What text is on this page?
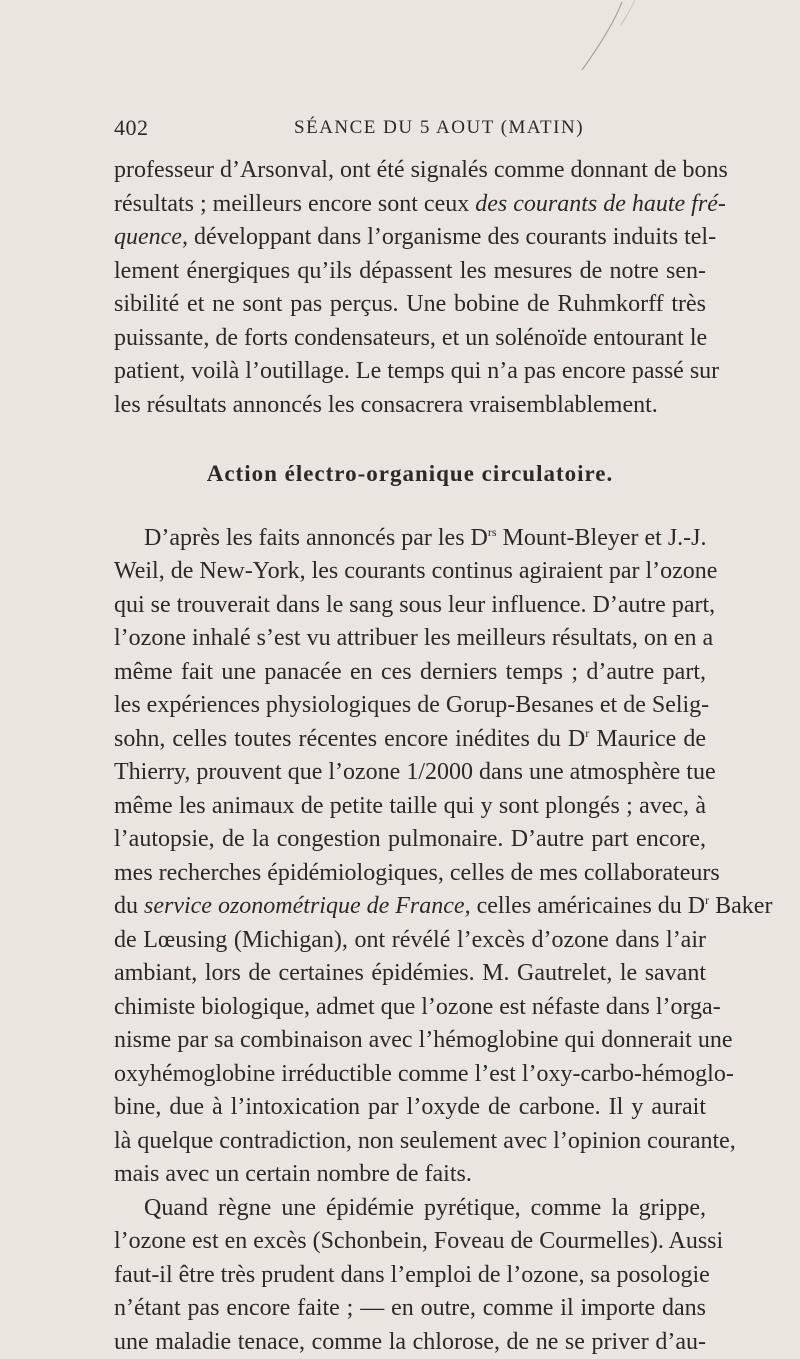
402	SÉANCE DU 5 AOUT (MATIN)
professeur d’Arsonval, ont été signalés comme donnant de bons
résultats ; meilleurs encore sont ceux des courants de haute fré-
quence, développant dans l’organisme des courants induits tel-
lement énergiques qu’ils dépassent les mesures de notre sen-
sibilité et ne sont pas perçus. Une bobine de Ruhmkorff très
puissante, de forts condensateurs, et un solénoïde entourant le
patient, voilà l’outillage. Le temps qui n’a pas encore passé sur
les résultats annoncés les consacrera vraisemblablement.
Action électro-organique circulatoire.
D’après les faits annoncés par les $D^{rs}$ Mount-Bleyer et J.-J.
Weil, de New-York, les courants continus agiraient par l’ozone
qui se trouverait dans le sang sous leur influence. D’autre part,
l’ozone inhalé s’est vu attribuer les meilleurs résultats, on en a
même fait une panacée en ces derniers temps ; d’autre part,
les expériences physiologiques de Gorup-Besanes et de Selig-
sohn, celles toutes récentes encore inédites du $D^r$ Maurice de
Thierry, prouvent que l’ozone 1/2000 dans une atmosphère tue
même les animaux de petite taille qui y sont plongés ; avec, à
l’autopsie, de la congestion pulmonaire. D’autre part encore,
mes recherches épidémiologiques, celles de mes collaborateurs
du service ozonométrique de France, celles américaines du $D^r$ Baker
de Lœusing (Michigan), ont révélé l’excès d’ozone dans l’air
ambiant, lors de certaines épidémies. M. Gautrelet, le savant
chimiste biologique, admet que l’ozone est néfaste dans l’orga-
nisme par sa combinaison avec l’hémoglobine qui donnerait une
oxyhémoglobine irréductible comme l’est l’oxy-carbo-hémoglo-
bine, due à l’intoxication par l’oxyde de carbone. Il y aurait
là quelque contradiction, non seulement avec l’opinion courante,
mais avec un certain nombre de faits.
Quand règne une épidémie pyrétique, comme la grippe,
l’ozone est en excès (Schonbein, Foveau de Courmelles). Aussi
faut-il être très prudent dans l’emploi de l’ozone, sa posologie
n’étant pas encore faite ; — en outre, comme il importe dans
une maladie tenace, comme la chlorose, de ne se priver d’au-
